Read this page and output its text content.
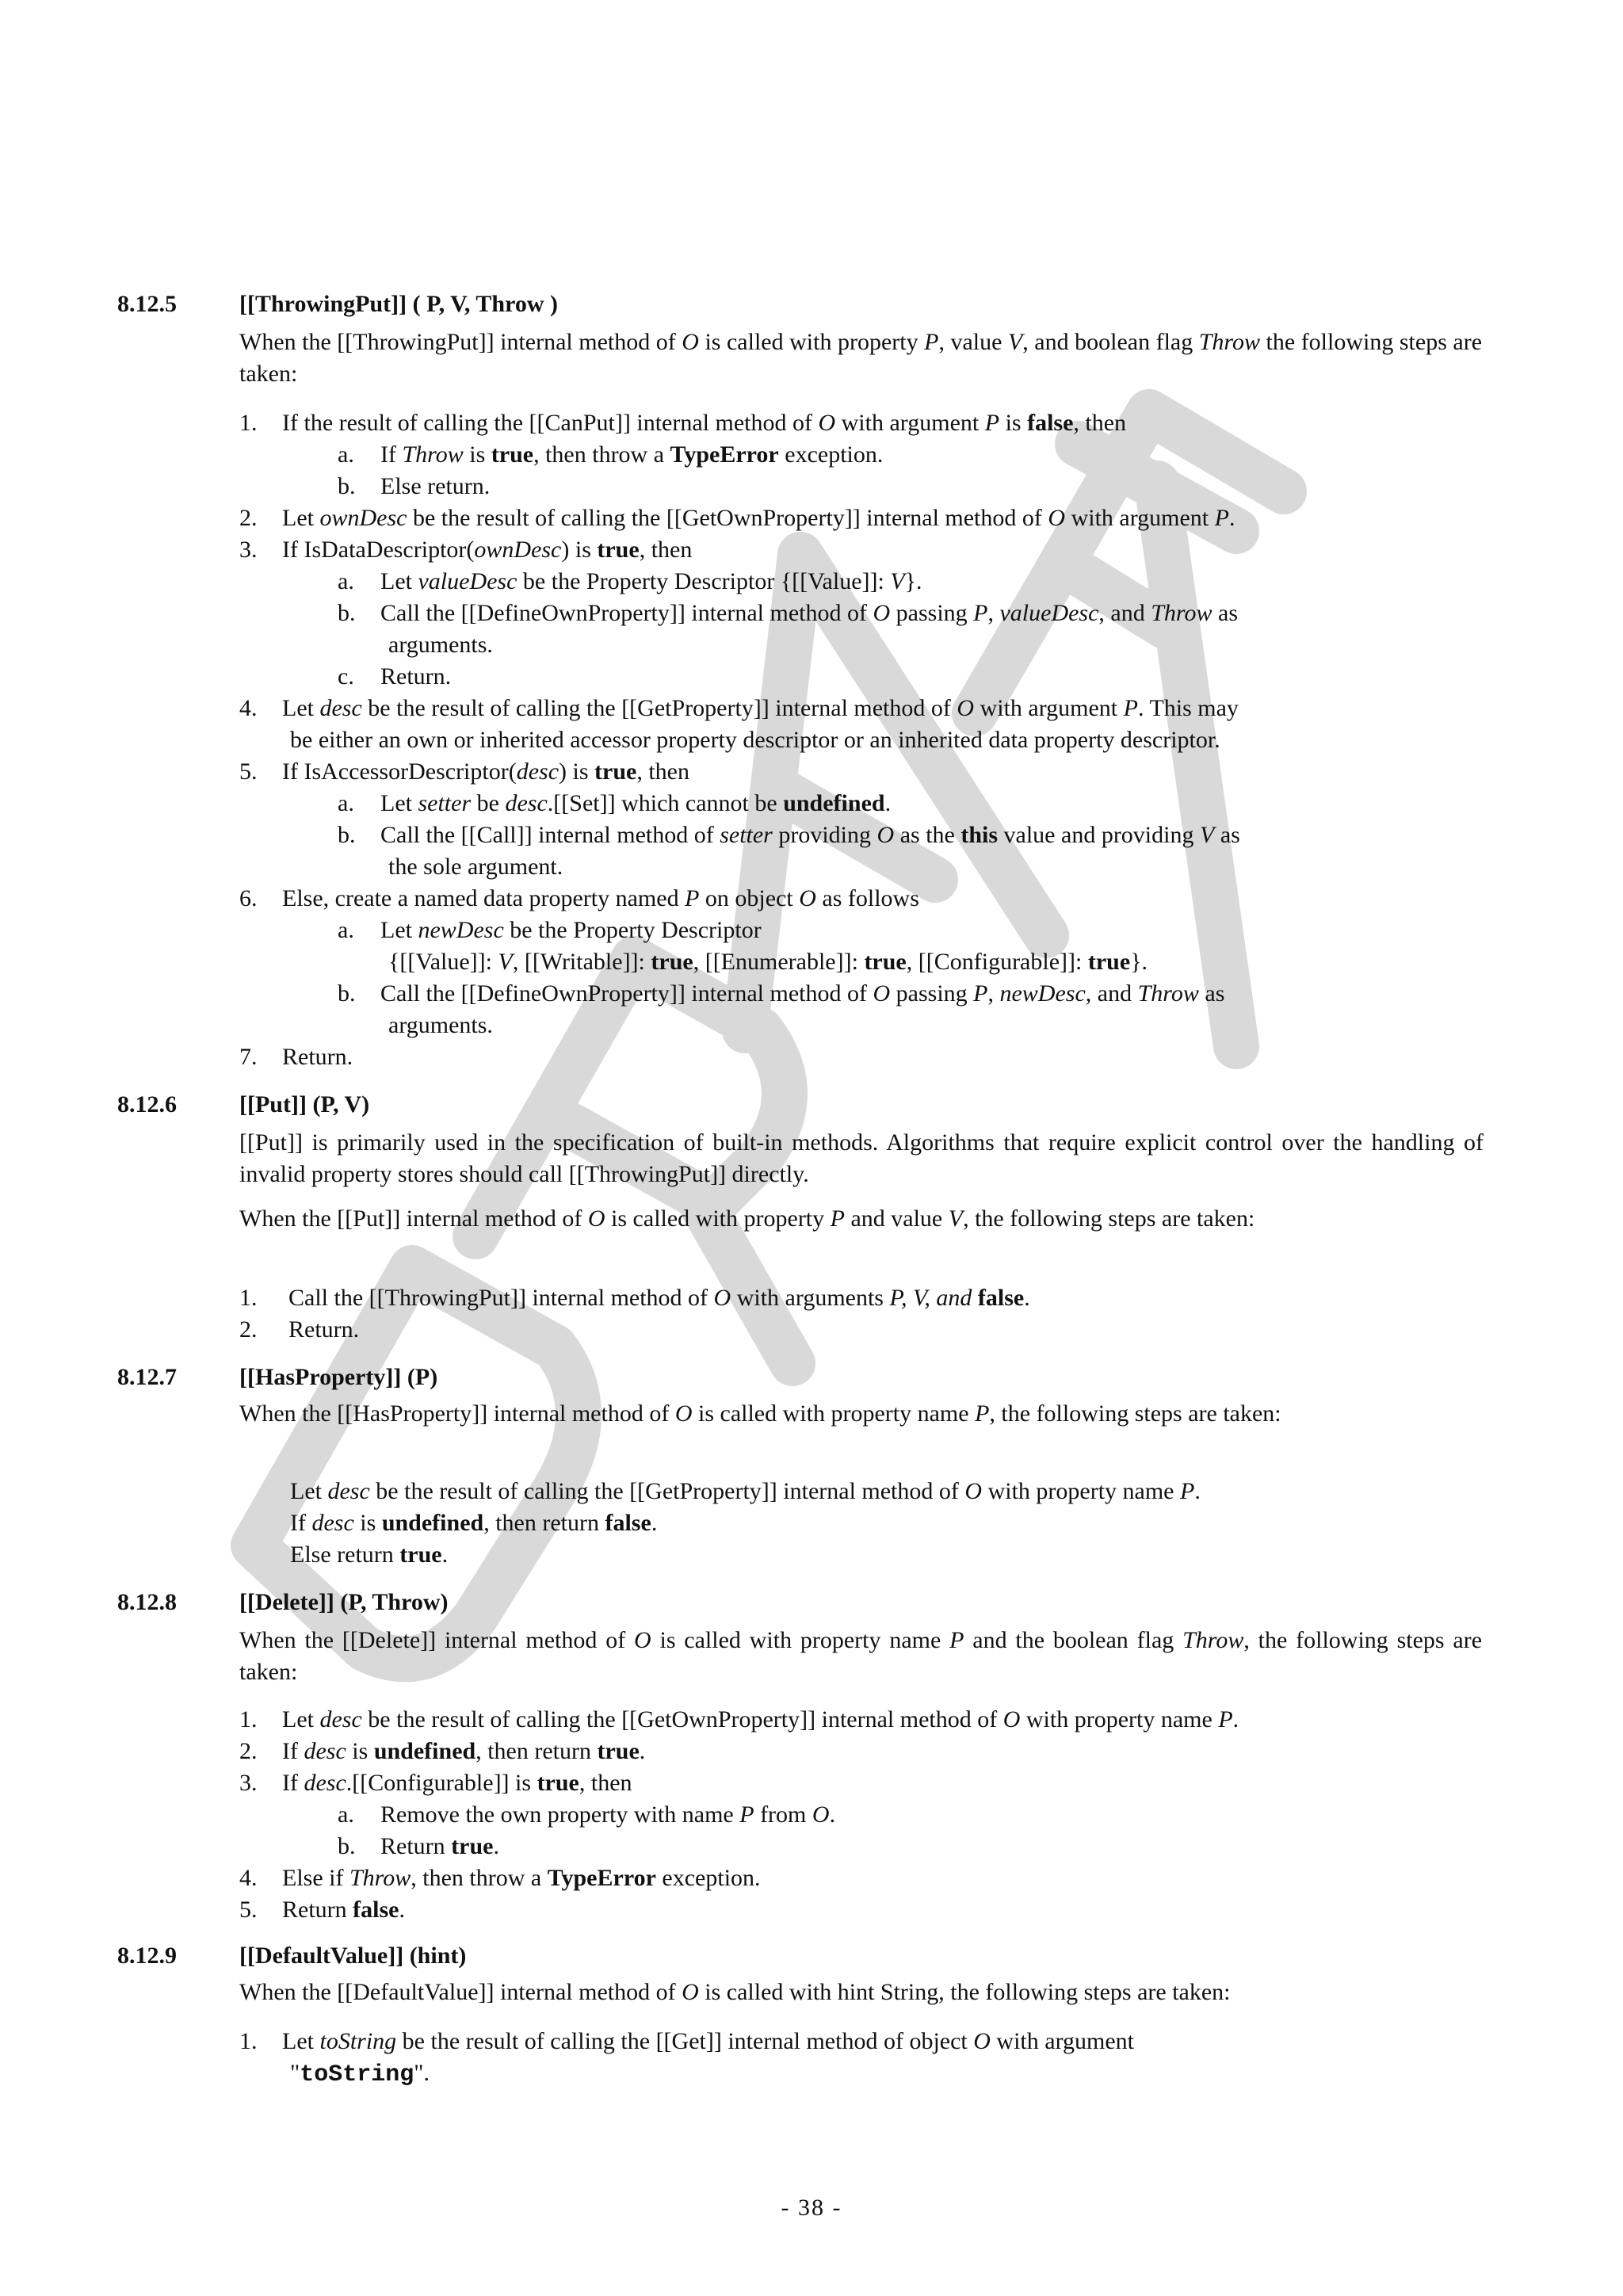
8.12.5	[[ThrowingPut]] ( P, V, Throw )
When the [[ThrowingPut]] internal method of O is called with property P, value V, and boolean flag Throw the following steps are taken:
1. If the result of calling the [[CanPut]] internal method of O with argument P is false, then
a. If Throw is true, then throw a TypeError exception.
b. Else return.
2. Let ownDesc be the result of calling the [[GetOwnProperty]] internal method of O with argument P.
3. If IsDataDescriptor(ownDesc) is true, then
a. Let valueDesc be the Property Descriptor {[[Value]]: V}.
b. Call the [[DefineOwnProperty]] internal method of O passing P, valueDesc, and Throw as
arguments.
c. Return.
4. Let desc be the result of calling the [[GetProperty]] internal method of O with argument P. This may
be either an own or inherited accessor property descriptor or an inherited data property descriptor.
5. If IsAccessorDescriptor(desc) is true, then
a. Let setter be desc.[[Set]] which cannot be undefined.
b. Call the [[Call]] internal method of setter providing O as the this value and providing V as
the sole argument.
6. Else, create a named data property named P on object O as follows
a. Let newDesc be the Property Descriptor
{[[Value]]: V, [[Writable]]: true, [[Enumerable]]: true, [[Configurable]]: true}.
b. Call the [[DefineOwnProperty]] internal method of O passing P, newDesc, and Throw as
arguments.
7. Return.
8.12.6	[[Put]] (P, V)
[[Put]] is primarily used in the specification of built-in methods. Algorithms that require explicit control over the handling of invalid property stores should call [[ThrowingPut]] directly.
When the [[Put]] internal method of O is called with property P and value V, the following steps are taken:
1. Call the [[ThrowingPut]] internal method of O with arguments P, V, and false.
2. Return.
8.12.7	[[HasProperty]] (P)
When the [[HasProperty]] internal method of O is called with property name P, the following steps are taken:
Let desc be the result of calling the [[GetProperty]] internal method of O with property name P.
If desc is undefined, then return false.
Else return true.
8.12.8	[[Delete]] (P, Throw)
When the [[Delete]] internal method of O is called with property name P and the boolean flag Throw, the following steps are taken:
1. Let desc be the result of calling the [[GetOwnProperty]] internal method of O with property name P.
2. If desc is undefined, then return true.
3. If desc.[[Configurable]] is true, then
a. Remove the own property with name P from O.
b. Return true.
4. Else if Throw, then throw a TypeError exception.
5. Return false.
8.12.9	[[DefaultValue]] (hint)
When the [[DefaultValue]] internal method of O is called with hint String, the following steps are taken:
1. Let toString be the result of calling the [[Get]] internal method of object O with argument
"toString".
- 38 -
